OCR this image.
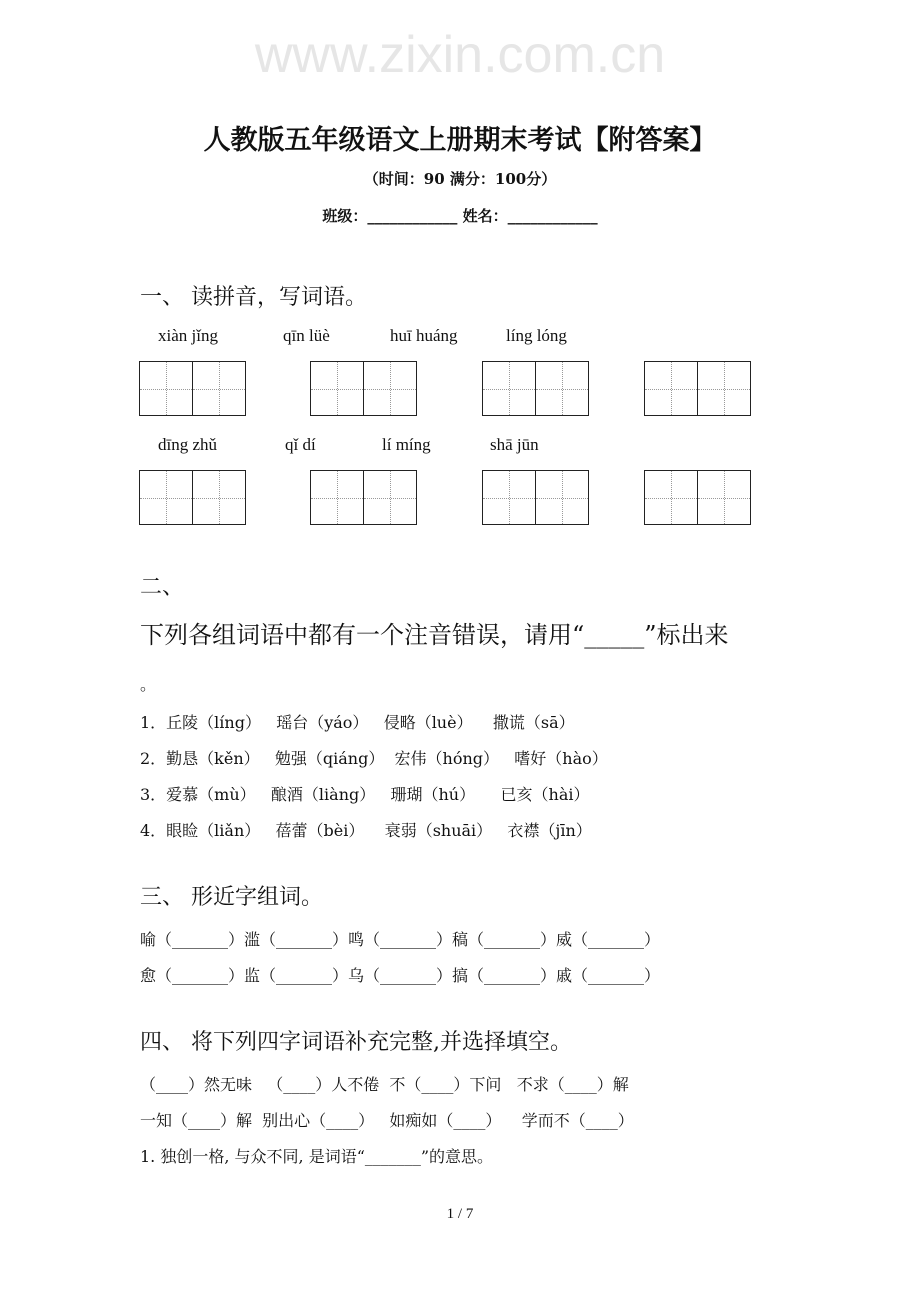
www.zixin.com.cn
人教版五年级语文上册期末考试【附答案】
（时间：90 满分：100分）
班级：____________ 姓名：____________
一、 读拼音，写词语。
xiàn jǐng	qīn lüè	huī huáng	líng lóng
dīng zhǔ	qǐ dí	lí míng	shā jūn
二、
下列各组词语中都有一个注音错误，请用“_____”标出来
。
1．丘陵（líng）   瑶台（yáo）   侵略（luè）    撒谎（sā）
2．勤恳（kěn）   勉强（qiáng）  宏伟（hóng）   嗜好（hào）
3．爱慕（mù）   酿酒（liàng）   珊瑚（hú）     已亥（hài）
4．眼睑（liǎn）   蓓蕾（bèi）    衰弱（shuāi）   衣襟（jīn）
三、 形近字组词。
喻（_______）滥（_______）鸣（_______）稿（_______）威（_______）
愈（_______）监（_______）乌（_______）搞（_______）戚（_______）
四、 将下列四字词语补充完整,并选择填空。
（____）然无味   （____）人不倦  不（____）下问   不求（____）解
一知（____）解  别出心（____）   如痴如（____）    学而不（____）
1. 独创一格, 与众不同, 是词语“_______”的意思。
1 / 7
